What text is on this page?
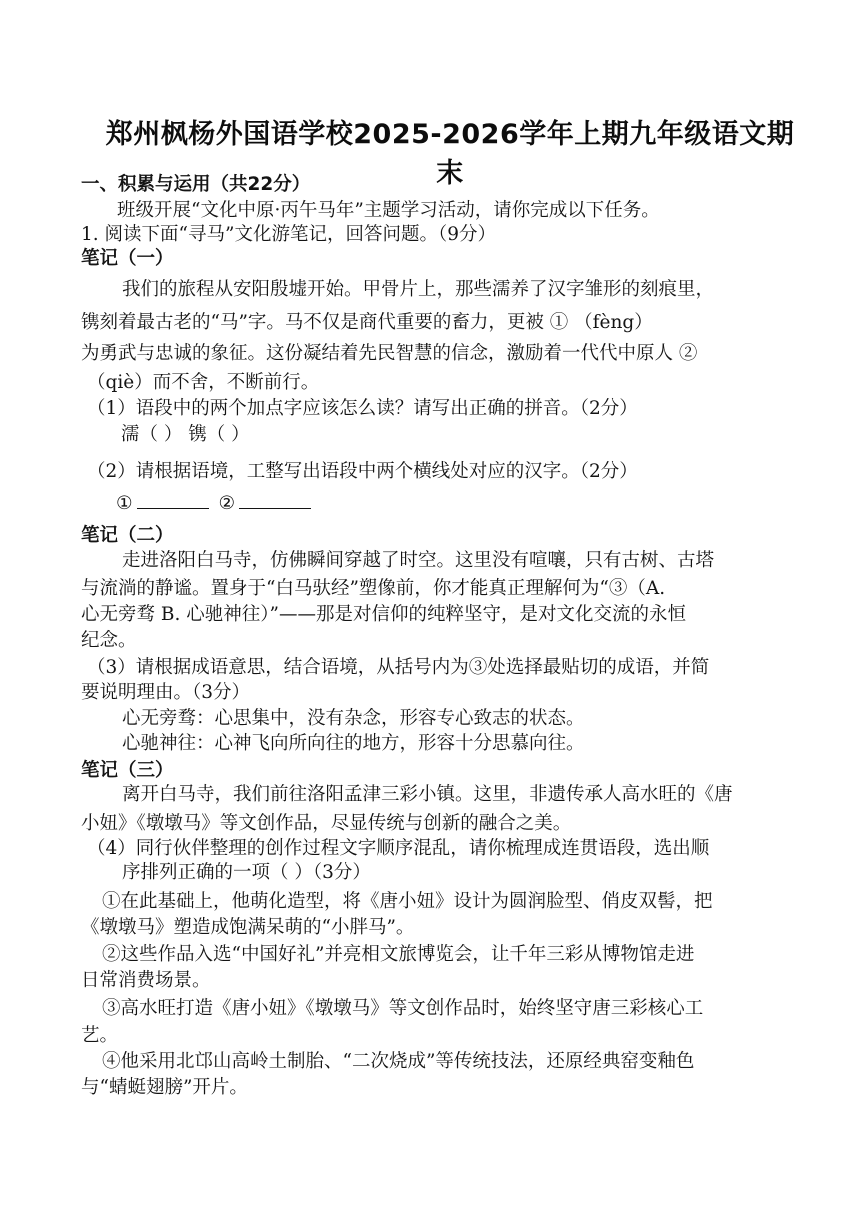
郑州枫杨外国语学校2025-2026学年上期九年级语文期末
一、积累与运用（共22分）
班级开展“文化中原·丙午马年”主题学习活动，请你完成以下任务。
1. 阅读下面“寻马”文化游笔记，回答问题。（9分）
笔记（一）
我们的旅程从安阳殷墟开始。甲骨片上，那些濡养了汉字雏形的刻痕里，
镌刻着最古老的“马”字。马不仅是商代重要的畜力，更被 ① （fèng）
为勇武与忠诚的象征。这份凝结着先民智慧的信念，激励着一代代中原人 ②
（qiè）而不舍，不断前行。
（1）语段中的两个加点字应该怎么读？请写出正确的拼音。（2分）
濡（ ） 镌（ ）
（2）请根据语境，工整写出语段中两个横线处对应的汉字。（2分）
①	②
笔记（二）
走进洛阳白马寺，仿佛瞬间穿越了时空。这里没有喧嚷，只有古树、古塔
与流淌的静谧。置身于“白马驮经”塑像前，你才能真正理解何为“③（A.
心无旁骛 B. 心驰神往）”——那是对信仰的纯粹坚守，是对文化交流的永恒
纪念。
（3）请根据成语意思，结合语境，从括号内为③处选择最贴切的成语，并简
要说明理由。（3分）
心无旁骛：心思集中，没有杂念，形容专心致志的状态。
心驰神往：心神飞向所向往的地方，形容十分思慕向往。
笔记（三）
离开白马寺，我们前往洛阳孟津三彩小镇。这里，非遗传承人高水旺的《唐
小妞》《墩墩马》等文创作品，尽显传统与创新的融合之美。
（4）同行伙伴整理的创作过程文字顺序混乱，请你梳理成连贯语段，选出顺
序排列正确的一项（ ）（3分）
①在此基础上，他萌化造型，将《唐小妞》设计为圆润脸型、俏皮双髻，把
《墩墩马》塑造成饱满呆萌的“小胖马”。
②这些作品入选“中国好礼”并亮相文旅博览会，让千年三彩从博物馆走进
日常消费场景。
③高水旺打造《唐小妞》《墩墩马》等文创作品时，始终坚守唐三彩核心工
艺。
④他采用北邙山高岭土制胎、“二次烧成”等传统技法，还原经典窑变釉色
与“蜻蜓翅膀”开片。
